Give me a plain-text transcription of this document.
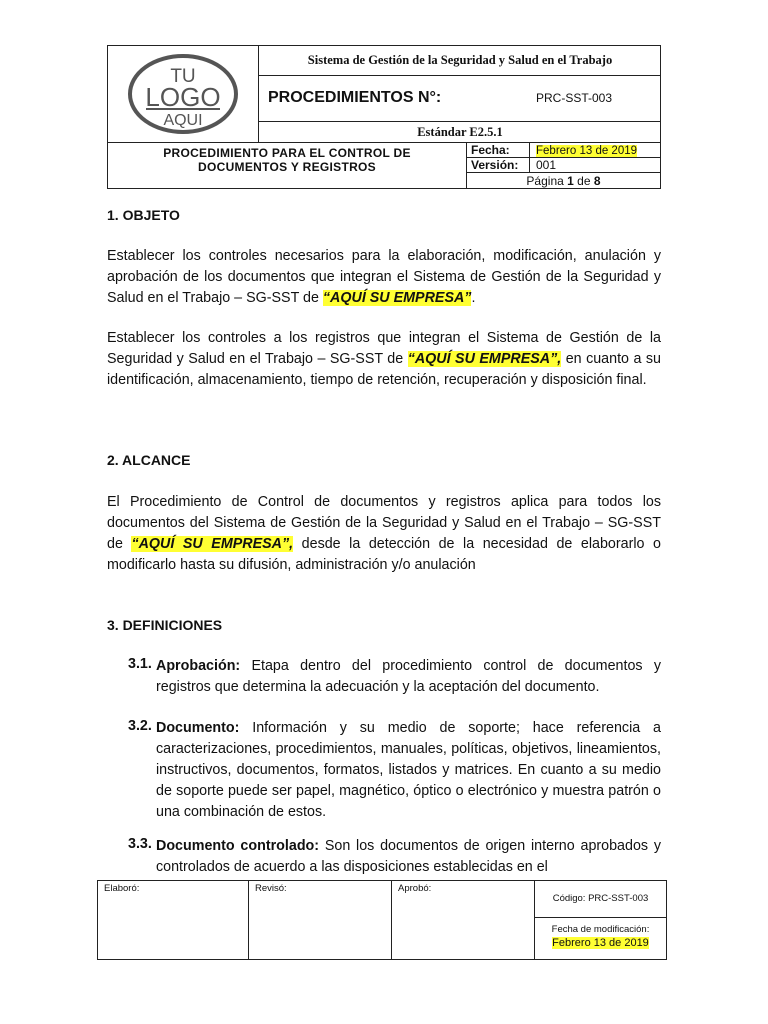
TU
LOGO
AQUI
Sistema de Gestión de la Seguridad y Salud en el Trabajo
PROCEDIMIENTOS N°:	PRC-SST-003
Estándar E2.5.1
PROCEDIMIENTO PARA EL CONTROL DE
DOCUMENTOS Y REGISTROS
Fecha: Febrero 13 de 2019
Versión: 001
Página 1 de 8
1. OBJETO
Establecer los controles necesarios para la elaboración, modificación, anulación y aprobación de los documentos que integran el Sistema de Gestión de la Seguridad y Salud en el Trabajo – SG-SST de “AQUÍ SU EMPRESA”.
Establecer los controles a los registros que integran el Sistema de Gestión de la Seguridad y Salud en el Trabajo – SG-SST de “AQUÍ SU EMPRESA”, en cuanto a su identificación, almacenamiento, tiempo de retención, recuperación y disposición final.
2. ALCANCE
El Procedimiento de Control de documentos y registros aplica para todos los documentos del Sistema de Gestión de la Seguridad y Salud en el Trabajo – SG-SST de “AQUÍ SU EMPRESA”, desde la detección de la necesidad de elaborarlo o modificarlo hasta su difusión, administración y/o anulación
3. DEFINICIONES
3.1. Aprobación: Etapa dentro del procedimiento control de documentos y registros que determina la adecuación y la aceptación del documento.
3.2. Documento: Información y su medio de soporte; hace referencia a caracterizaciones, procedimientos, manuales, políticas, objetivos, lineamientos, instructivos, documentos, formatos, listados y matrices. En cuanto a su medio de soporte puede ser papel, magnético, óptico o electrónico y muestra patrón o una combinación de estos.
3.3. Documento controlado: Son los documentos de origen interno aprobados y controlados de acuerdo a las disposiciones establecidas en el
Elaboró:	Revisó:	Aprobó:
Código: PRC-SST-003
Fecha de modificación:
Febrero 13 de 2019
